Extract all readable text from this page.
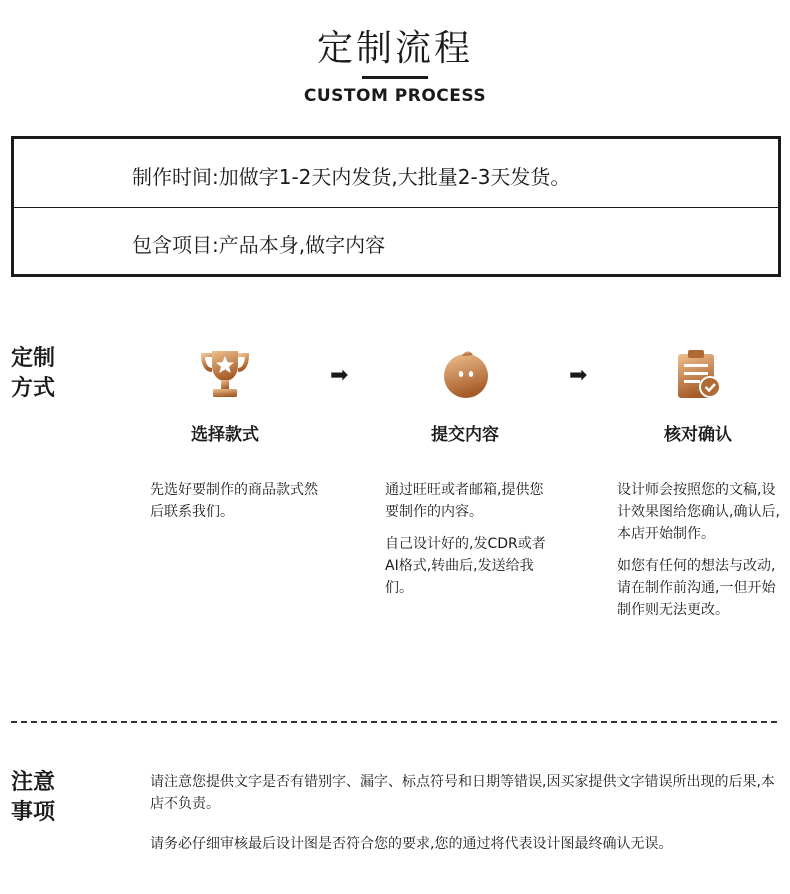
定制流程
CUSTOM PROCESS
制作时间:加做字1-2天内发货,大批量2-3天发货。
包含项目:产品本身,做字内容
定制
方式
选择款式

先选好要制作的商品款式然后联系我们。

➡
提交内容

通过旺旺或者邮箱,提供您要制作的内容。

自己设计好的,发CDR或者AI格式,转曲后,发送给我们。

➡
核对确认

设计师会按照您的文稿,设计效果图给您确认,确认后,本店开始制作。

如您有任何的想法与改动,请在制作前沟通,一但开始制作则无法更改。

注意
事项
请注意您提供文字是否有错别字、漏字、标点符号和日期等错误,因买家提供文字错误所出现的后果,本店不负责。
请务必仔细审核最后设计图是否符合您的要求,您的通过将代表设计图最终确认无误。
